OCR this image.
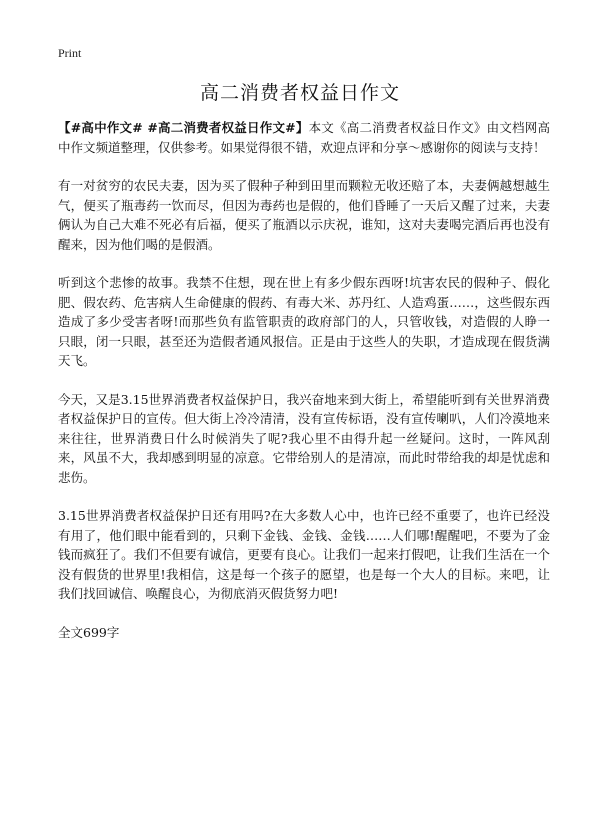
Print
高二消费者权益日作文

【#高中作文# #高二消费者权益日作文#】本文《高二消费者权益日作文》由文档网高中作文频道整理，仅供参考。如果觉得很不错，欢迎点评和分享～感谢你的阅读与支持！

有一对贫穷的农民夫妻，因为买了假种子种到田里而颗粒无收还赔了本，夫妻俩越想越生气，便买了瓶毒药一饮而尽，但因为毒药也是假的，他们昏睡了一天后又醒了过来，夫妻俩认为自己大难不死必有后福，便买了瓶酒以示庆祝，谁知，这对夫妻喝完酒后再也没有醒来，因为他们喝的是假酒。

听到这个悲惨的故事。我禁不住想，现在世上有多少假东西呀!坑害农民的假种子、假化肥、假农药、危害病人生命健康的假药、有毒大米、苏丹红、人造鸡蛋……，这些假东西造成了多少受害者呀!而那些负有监管职责的政府部门的人，只管收钱，对造假的人睁一只眼，闭一只眼，甚至还为造假者通风报信。正是由于这些人的失职，才造成现在假货满天飞。

今天，又是3.15世界消费者权益保护日，我兴奋地来到大街上，希望能听到有关世界消费者权益保护日的宣传。但大街上冷冷清清，没有宣传标语，没有宣传喇叭，人们冷漠地来来往往，世界消费日什么时候消失了呢?我心里不由得升起一丝疑问。这时，一阵风刮来，风虽不大，我却感到明显的凉意。它带给别人的是清凉，而此时带给我的却是忧虑和悲伤。

3.15世界消费者权益保护日还有用吗?在大多数人心中，也许已经不重要了，也许已经没有用了，他们眼中能看到的，只剩下金钱、金钱、金钱……人们哪!醒醒吧，不要为了金钱而疯狂了。我们不但要有诚信，更要有良心。让我们一起来打假吧，让我们生活在一个没有假货的世界里!我相信，这是每一个孩子的愿望，也是每一个大人的目标。来吧，让我们找回诚信、唤醒良心，为彻底消灭假货努力吧!

全文699字
